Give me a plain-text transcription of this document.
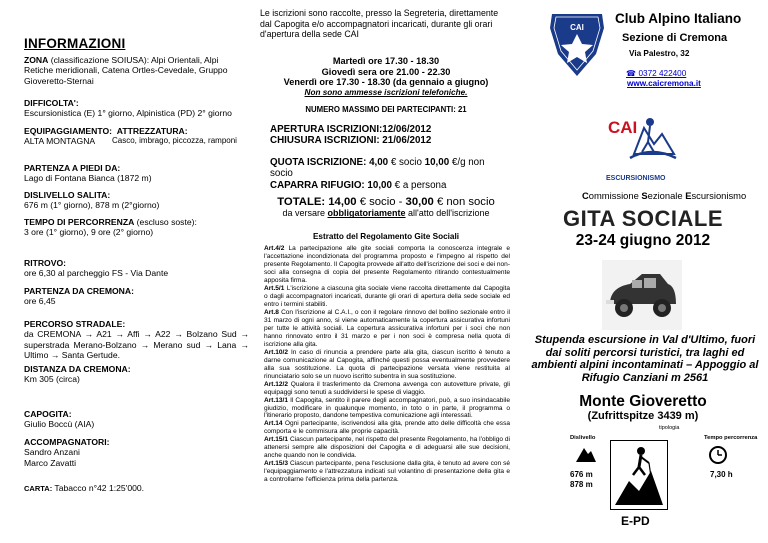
INFORMAZIONI
ZONA (classificazione SOIUSA): Alpi Orientali, Alpi Retiche meridionali, Catena Ortles-Cevedale, Gruppo Gioveretto-Sternai
DIFFICOLTA':
Escursionistica (E) 1° giorno, Alpinistica (PD) 2° giorno
EQUIPAGGIAMENTO: ATTREZZATURA:
ALTA MONTAGNA Casco, imbrago, piccozza, ramponi
PARTENZA A PIEDI DA:
Lago di Fontana Bianca (1872 m)
DISLIVELLO SALITA:
676 m (1° giorno), 878 m (2°giorno)
TEMPO DI PERCORRENZA (escluso soste):
3 ore (1° giorno), 9 ore (2° giorno)
RITROVO:
ore 6,30 al parcheggio FS - Via Dante
PARTENZA DA CREMONA:
ore 6,45
PERCORSO STRADALE:
da CREMONA → A21 → Affi → A22 → Bolzano Sud → superstrada Merano-Bolzano → Merano sud → Lana → Ultimo → Santa Gertude.
DISTANZA DA CREMONA:
Km 305 (circa)
CAPOGITA:
Giulio Boccù (AIA)
ACCOMPAGNATORI:
Sandro Anzani
Marco Zavatti
CARTA: Tabacco n°42 1:25'000.
Le iscrizioni sono raccolte, presso la Segreteria, direttamente dal Capogita e/o accompagnatori incaricati, durante gli orari d'apertura della sede CAI
Martedì ore 17.30 - 18.30
Giovedì sera ore 21.00 - 22.30
Venerdì ore 17.30 - 18.30 (da gennaio a giugno)
Non sono ammesse iscrizioni telefoniche.
NUMERO MASSIMO DEI PARTECIPANTI: 21
APERTURA ISCRIZIONI:12/06/2012
CHIUSURA ISCRIZIONI: 21/06/2012
QUOTA ISCRIZIONE: 4,00 € socio 10,00 €/g non socio
CAPARRA RIFUGIO: 10,00 € a persona
TOTALE: 14,00 € socio - 30,00 € non socio
da versare obbligatoriamente all'atto dell'iscrizione
Estratto del Regolamento Gite Sociali
Art.4/2 La partecipazione alle gite sociali comporta la conoscenza integrale e l'accettazione incondizionata del programma proposto e l'impegno al rispetto del presente Regolamento. Il Capogita provvede all'atto dell'iscrizione dei soci e dei non-soci alla consegna di copia del presente Regolamento ritirando contestualmente apposita firma.
Art.5/1 L'iscrizione a ciascuna gita sociale viene raccolta direttamente dal Capogita o dagli accompagnatori incaricati, durante gli orari di apertura della sede sociale ed entro i termini stabiliti.
Art.8 Con l'iscrizione al C.A.I., o con il regolare rinnovo del bollino sezionale entro il 31 marzo di ogni anno, si viene automaticamente la copertura assicurativa infortuni per tutte le attività sociali. La copertura assicurativa infortuni per i soci che non hanno rinnovato entro il 31 marzo e per i non soci è compresa nella quota di iscrizione alla gita.
Art.10/2 In caso di rinuncia a prendere parte alla gita, ciascun iscritto è tenuto a darne comunicazione al Capogita, affinché questi possa eventualmente provvedere alla sua sostituzione. La quota di partecipazione versata viene restituita al rinunciatario solo se un nuovo iscritto subentra in sua sostituzione.
Art.12/2 Qualora il trasferimento da Cremona avvenga con autovetture private, gli equipaggi sono tenuti a suddividersi le spese di viaggio.
Art.13/1 Il Capogita, sentito il parere degli accompagnatori, può, a suo insindacabile giudizio, modificare in qualunque momento, in toto o in parte, il programma o l'itinerario proposto, dandone tempestiva comunicazione agli interessati.
Art.14 Ogni partecipante, iscrivendosi alla gita, prende atto delle difficoltà che essa comporta e le commisura alle proprie capacità.
Art.15/1 Ciascun partecipante, nel rispetto del presente Regolamento, ha l'obbligo di attenersi sempre alle disposizioni del Capogita e di adeguarsi alle sue decisioni, anche quando non le condivida.
Art.15/3 Ciascun partecipante, pena l'esclusione dalla gita, è tenuto ad avere con sé l'equipaggiamento e l'attrezzatura indicati sul volantino di presentazione della gita e a controllarne l'efficienza prima della partenza.
CAI
Club Alpino Italiano
Sezione di Cremona
Via Palestro, 32
☎ 0372 422400
www.caicremona.it
CAI
ESCURSIONISMO
Commissione Sezionale Escursionismo
GITA SOCIALE
23-24 giugno 2012
Stupenda escursione in Val d'Ultimo, fuori dai soliti percorsi turistici, tra laghi ed ambienti alpini incontaminati – Appoggio al Rifugio Canziani m 2561
Monte Gioveretto
(Zufrittspitze 3439 m)
tipologia
Dislivello	Tempo percorrenza
676 m
878 m
7,30 h
E-PD
